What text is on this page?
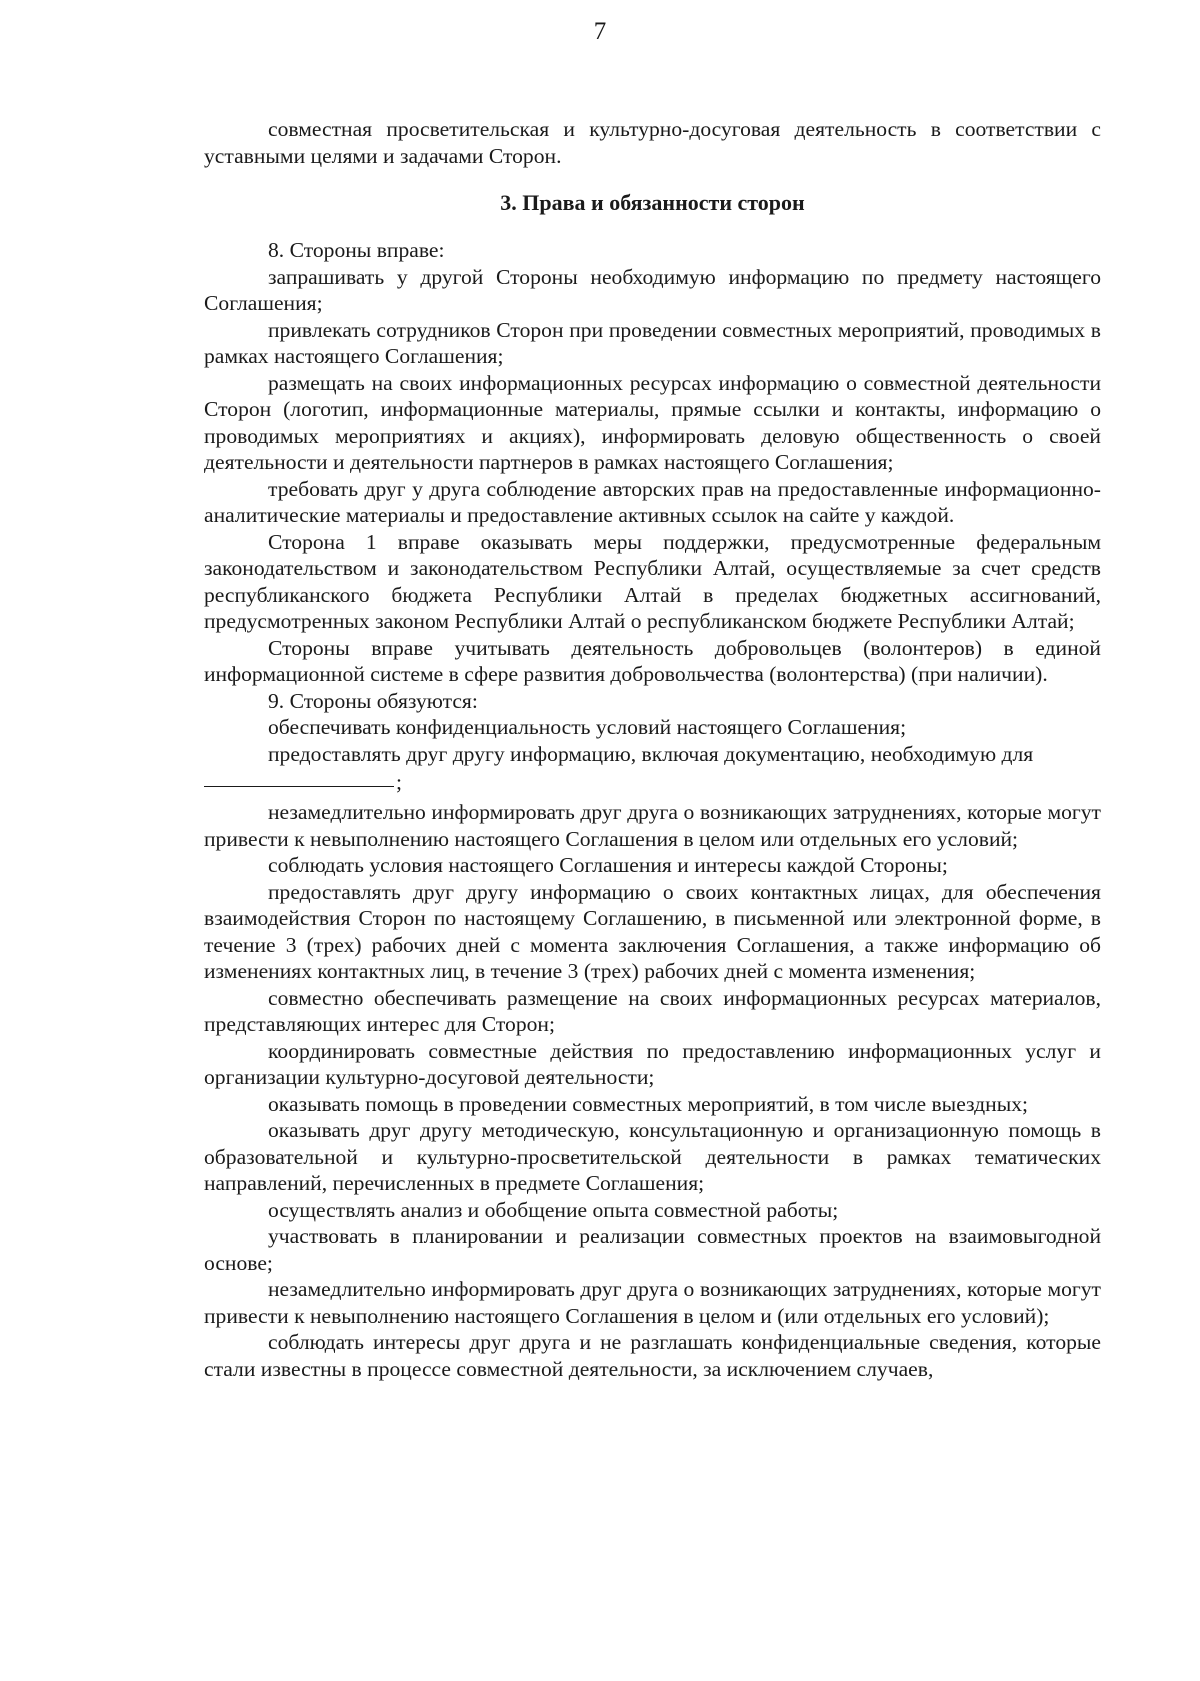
7

совместная просветительская и культурно-досуговая деятельность в соответствии с уставными целями и задачами Сторон.

3. Права и обязанности сторон

8. Стороны вправе:

запрашивать у другой Стороны необходимую информацию по предмету настоящего Соглашения;

привлекать сотрудников Сторон при проведении совместных мероприятий, проводимых в рамках настоящего Соглашения;

размещать на своих информационных ресурсах информацию о совместной деятельности Сторон (логотип, информационные материалы, прямые ссылки и контакты, информацию о проводимых мероприятиях и акциях), информировать деловую общественность о своей деятельности и деятельности партнеров в рамках настоящего Соглашения;

требовать друг у друга соблюдение авторских прав на предоставленные информационно-аналитические материалы и предоставление активных ссылок на сайте у каждой.

Сторона 1 вправе оказывать меры поддержки, предусмотренные федеральным законодательством и законодательством Республики Алтай, осуществляемые за счет средств республиканского бюджета Республики Алтай в пределах бюджетных ассигнований, предусмотренных законом Республики Алтай о республиканском бюджете Республики Алтай;

Стороны вправе учитывать деятельность добровольцев (волонтеров) в единой информационной системе в сфере развития добровольчества (волонтерства) (при наличии).

9. Стороны обязуются:

обеспечивать конфиденциальность условий настоящего Соглашения;

предоставлять друг другу информацию, включая документацию, необходимую для

;

незамедлительно информировать друг друга о возникающих затруднениях, которые могут привести к невыполнению настоящего Соглашения в целом или отдельных его условий;

соблюдать условия настоящего Соглашения и интересы каждой Стороны;

предоставлять друг другу информацию о своих контактных лицах, для обеспечения взаимодействия Сторон по настоящему Соглашению, в письменной или электронной форме, в течение 3 (трех) рабочих дней с момента заключения Соглашения, а также информацию об изменениях контактных лиц, в течение 3 (трех) рабочих дней с момента изменения;

совместно обеспечивать размещение на своих информационных ресурсах материалов, представляющих интерес для Сторон;

координировать совместные действия по предоставлению информационных услуг и организации культурно-досуговой деятельности;

оказывать помощь в проведении совместных мероприятий, в том числе выездных;

оказывать друг другу методическую, консультационную и организационную помощь в образовательной и культурно-просветительской деятельности в рамках тематических направлений, перечисленных в предмете Соглашения;

осуществлять анализ и обобщение опыта совместной работы;

участвовать в планировании и реализации совместных проектов на взаимовыгодной основе;

незамедлительно информировать друг друга о возникающих затруднениях, которые могут привести к невыполнению настоящего Соглашения в целом и (или отдельных его условий);

соблюдать интересы друг друга и не разглашать конфиденциальные сведения, которые стали известны в процессе совместной деятельности, за исключением случаев,
